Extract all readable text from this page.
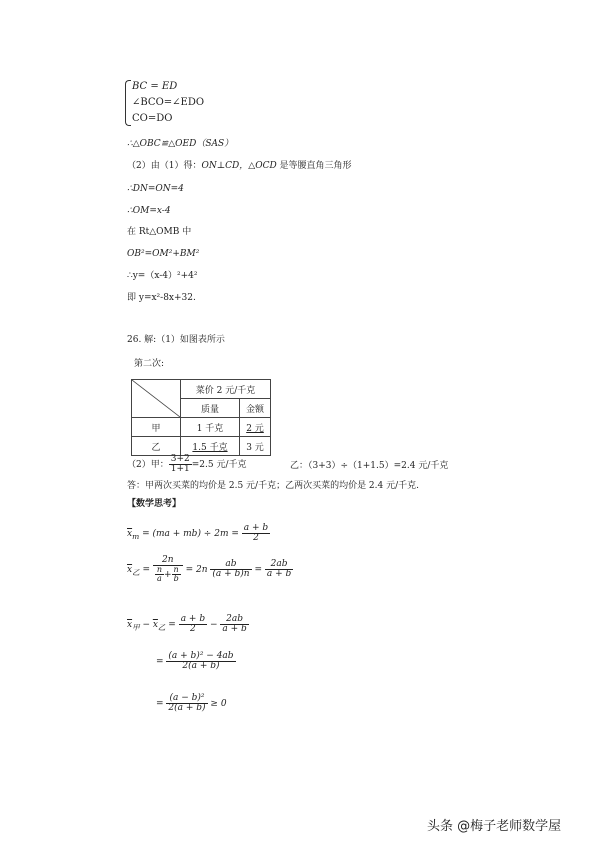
BC = ED
∠BCO=∠EDO
CO=DO
∴△OBC≌△OED（SAS）
（2）由（1）得：ON⊥CD，△OCD 是等腰直角三角形
∴DN=ON=4
∴OM=x-4
在 Rt△OMB 中
OB²=OM²+BM²
∴y=（x-4）²+4²
即 y=x²-8x+32.
26. 解:（1）如图表所示
第二次:
	菜价 2 元/千克	
	质量	金额
甲	1 千克	2 元
乙	1.5 千克	3 元
（2）甲： $\frac{3+2}{1+1} =2.5$ 元/千克	乙：（3+3）÷（1+1.5）=2.4 元/千克
答：甲两次买菜的均价是 2.5 元/千克；乙两次买菜的均价是 2.4 元/千克.
【数学思考】
$\overline{x}_m = (ma + mb) \div 2m = \frac{a + b}{2}$
$\overline{x}_乙 = \frac{2n}{\frac{n}{a} + \frac{n}{b}} = 2n \frac{ab}{(a + b)n} = \frac{2ab}{a + b}$
$\overline{x}_甲 - \overline{x}_乙 = \frac{a + b}{2} - \frac{2ab}{a + b}$
= $\frac{\text{(a + b)² − 4ab}}{2(a + b)}$
= $\frac{\text{(a − b)²}}{2(a + b)} \ge 0$
头条 @梅子老师数学屋
